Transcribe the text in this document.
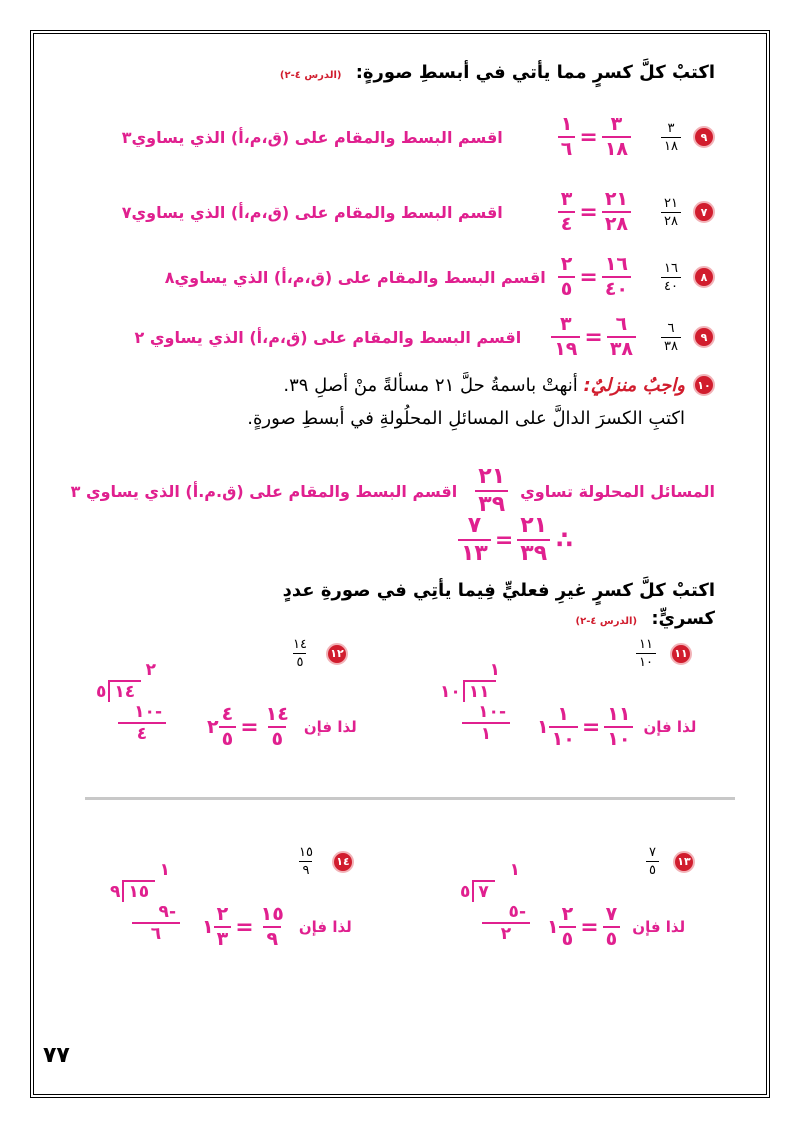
اكتبْ كلَّ كسرٍ مما يأتي في أبسطِ صورةٍ: (الدرس ٤-٢)
اقسم البسط والمقام على (ق،م،أ) الذي يساوي٣	$\frac{١}{٦} = \frac{٣}{١٨} \frac{٣}{١٨}$	٩
اقسم البسط والمقام على (ق،م،أ) الذي يساوي٧	$\frac{٣}{٤} = \frac{٢١}{٢٨} \frac{٢١}{٢٨}$	٧
اقسم البسط والمقام على (ق،م،أ) الذي يساوي٨ $\frac{٢}{٥} = \frac{١٦}{٤٠} \frac{١٦}{٤٠}$	٨
اقسم البسط والمقام على (ق،م،أ) الذي يساوي ٢ $\frac{٣}{١٩} = \frac{٦}{٣٨} \frac{٦}{٣٨}$	٩
واجبٌ منزليٌ: أنهتْ باسمةُ حلَّ ٢١ مسألةً منْ أصلِ ٣٩.	١٠
اكتبِ الكسرَ الدالَّ على المسائلِ المحلُولةِ في أبسطِ صورةٍ.
اقسم البسط والمقام على (ق.م.أ) الذي يساوي ٣ $\frac{٢١}{٣٩}$ المسائل المحلولة تساوي
$\frac{٧}{١٣} = \frac{٢١}{٣٩}$ ∴
اكتبْ كلَّ كسرٍ غيرِ فعليٍّ فِيما يأتِي في صورةِ عددٍ
كسريٍّ: (الدرس ٤-٢)
$\frac{١١}{١٠}$	١١
١ $\frac{١}{١٠} = \frac{١١}{١٠}$ لذا فإن
١
١٠ ١١
١٠-
١
$\frac{١٤}{٥}$	١٢
٢ $\frac{٤}{٥} = \frac{١٤}{٥}$ لذا فإن
٢
٥ ١٤
١٠-
٤
$\frac{٧}{٥}$	١٣
١ $\frac{٢}{٥} = \frac{٧}{٥}$ لذا فإن
١
٥ ٧
٥-
٢
$\frac{١٥}{٩}$	١٤
١ $\frac{٢}{٣} = \frac{١٥}{٩}$ لذا فإن
١
٩ ١٥
٩-
٦
٧٧
